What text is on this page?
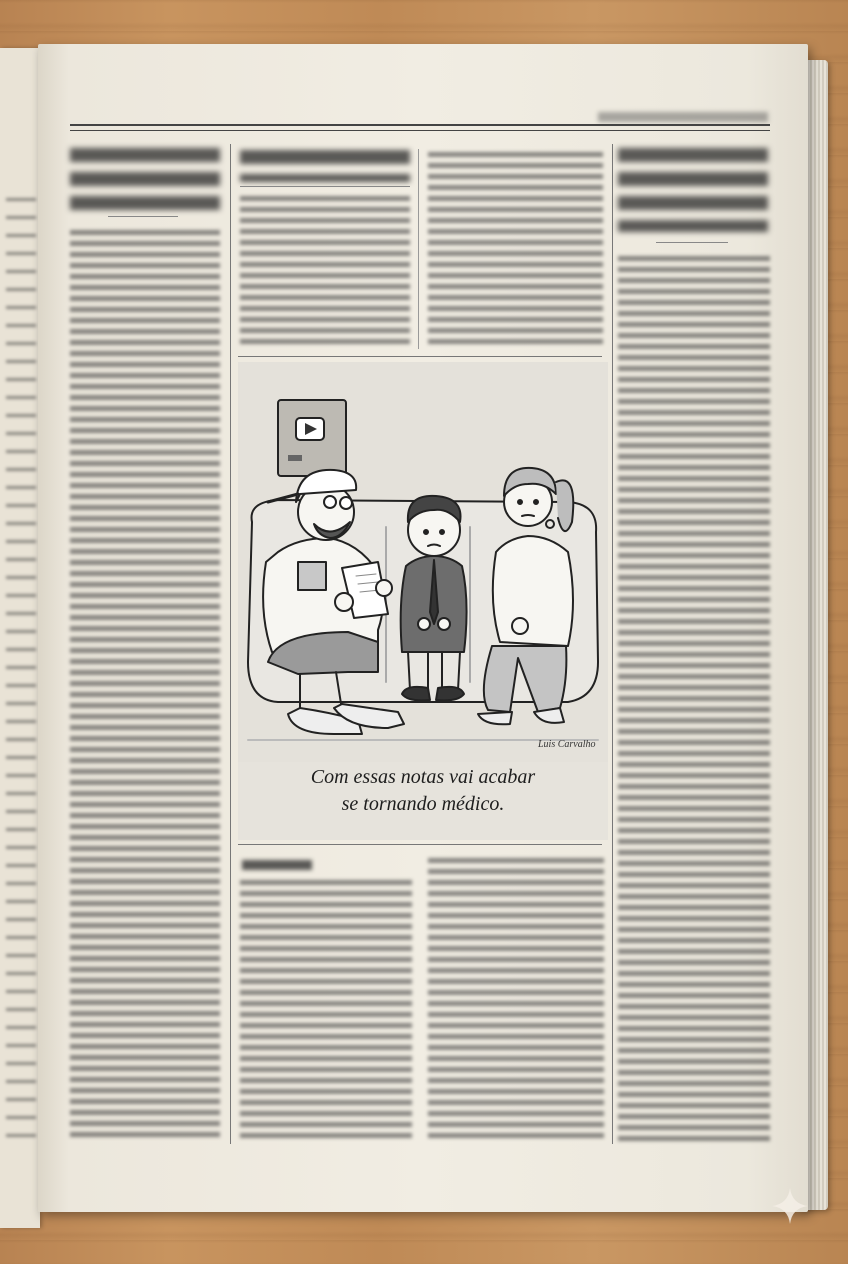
Luis Carvalho
Com essas notas vai acabar
se tornando médico.
